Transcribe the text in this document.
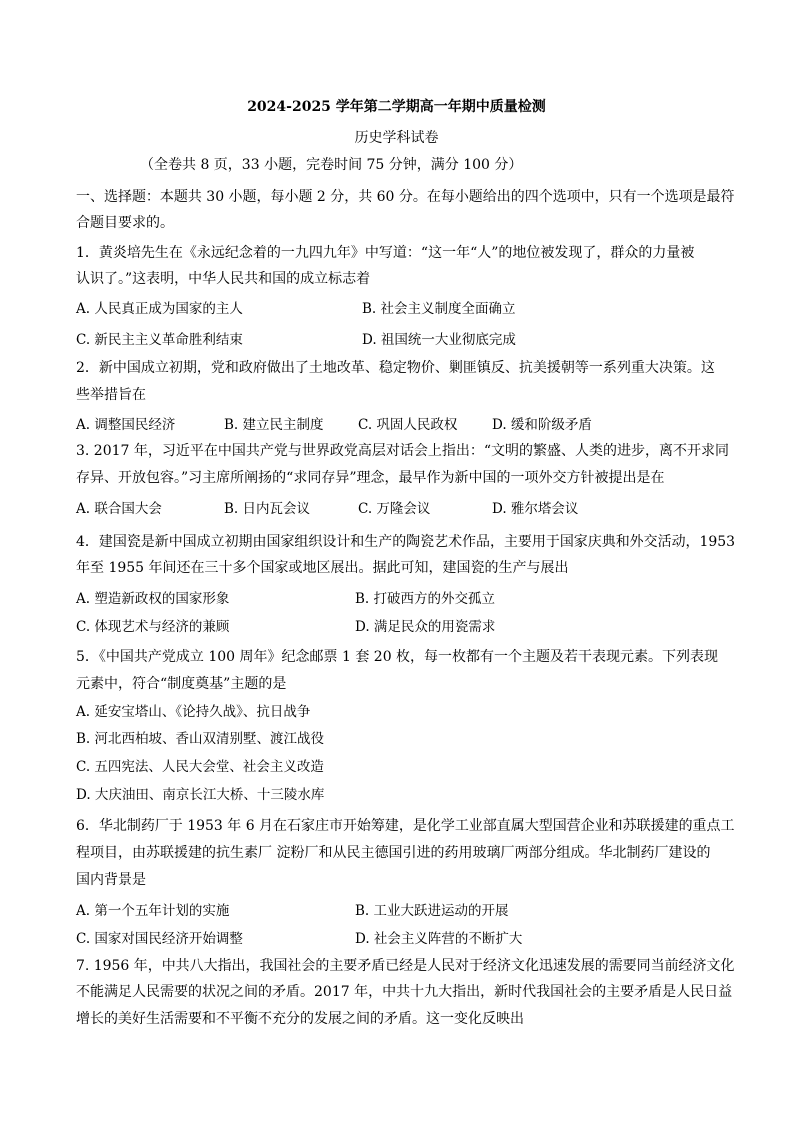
2024-2025 学年第二学期高一年期中质量检测
历史学科试卷
（全卷共 8 页，33 小题，完卷时间 75 分钟，满分 100 分）
一、选择题：本题共 30 小题，每小题 2 分，共 60 分。在每小题给出的四个选项中，只有一个选项是最符
合题目要求的。
1．黄炎培先生在《永远纪念着的一九四九年》中写道：“这一年“人”的地位被发现了，群众的力量被
认识了。”这表明，中华人民共和国的成立标志着
A. 人民真正成为国家的主人	B. 社会主义制度全面确立
C. 新民主主义革命胜利结束	D. 祖国统一大业彻底完成
2．新中国成立初期，党和政府做出了土地改革、稳定物价、剿匪镇反、抗美援朝等一系列重大决策。这
些举措旨在
A. 调整国民经济	B. 建立民主制度	C. 巩固人民政权	D. 缓和阶级矛盾
3. 2017 年，习近平在中国共产党与世界政党高层对话会上指出：“文明的繁盛、人类的进步，离不开求同
存异、开放包容。”习主席所阐扬的“求同存异”理念，最早作为新中国的一项外交方针被提出是在
A. 联合国大会	B. 日内瓦会议	C. 万隆会议	D. 雅尔塔会议
4．建国瓷是新中国成立初期由国家组织设计和生产的陶瓷艺术作品，主要用于国家庆典和外交活动，1953
年至 1955 年间还在三十多个国家或地区展出。据此可知，建国瓷的生产与展出
A. 塑造新政权的国家形象	B. 打破西方的外交孤立
C. 体现艺术与经济的兼顾	D. 满足民众的用瓷需求
5．《中国共产党成立 100 周年》纪念邮票 1 套 20 枚，每一枚都有一个主题及若干表现元素。下列表现
元素中，符合“制度奠基”主题的是
A. 延安宝塔山、《论持久战》、抗日战争
B. 河北西柏坡、香山双清别墅、渡江战役
C. 五四宪法、人民大会堂、社会主义改造
D. 大庆油田、南京长江大桥、十三陵水库
6．华北制药厂于 1953 年 6 月在石家庄市开始筹建，是化学工业部直属大型国营企业和苏联援建的重点工
程项目，由苏联援建的抗生素厂 淀粉厂和从民主德国引进的药用玻璃厂两部分组成。华北制药厂建设的
国内背景是
A. 第一个五年计划的实施	B. 工业大跃进运动的开展
C. 国家对国民经济开始调整	D. 社会主义阵营的不断扩大
7. 1956 年，中共八大指出，我国社会的主要矛盾已经是人民对于经济文化迅速发展的需要同当前经济文化
不能满足人民需要的状况之间的矛盾。2017 年，中共十九大指出，新时代我国社会的主要矛盾是人民日益
增长的美好生活需要和不平衡不充分的发展之间的矛盾。这一变化反映出
